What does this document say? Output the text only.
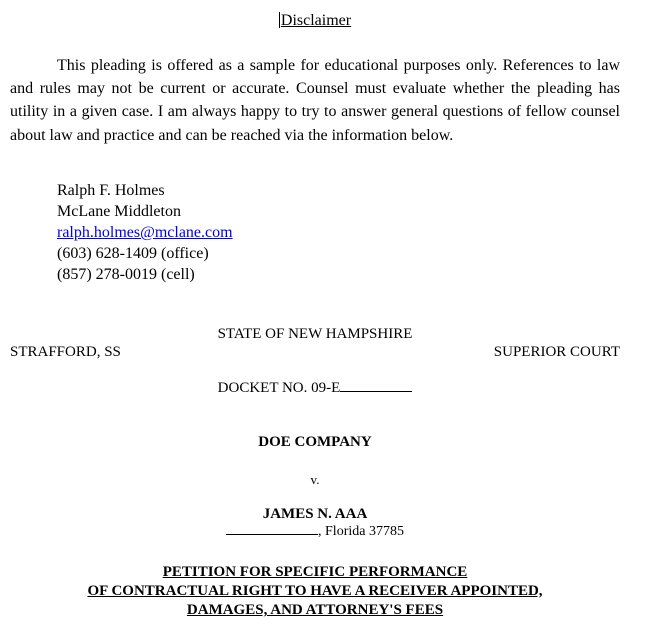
Disclaimer

This pleading is offered as a sample for educational purposes only. References to law and rules may not be current or accurate. Counsel must evaluate whether the pleading has utility in a given case. I am always happy to try to answer general questions of fellow counsel about law and practice and can be reached via the information below.

Ralph F. Holmes
McLane Middleton
ralph.holmes@mclane.com
(603) 628-1409 (office)
(857) 278-0019 (cell)
STATE OF NEW HAMPSHIRE
STRAFFORD, SS	SUPERIOR COURT
DOCKET NO. 09-E
DOE COMPANY
v.
JAMES N. AAA
, Florida 37785
PETITION FOR SPECIFIC PERFORMANCE
OF CONTRACTUAL RIGHT TO HAVE A RECEIVER APPOINTED,
DAMAGES, AND ATTORNEY'S FEES
